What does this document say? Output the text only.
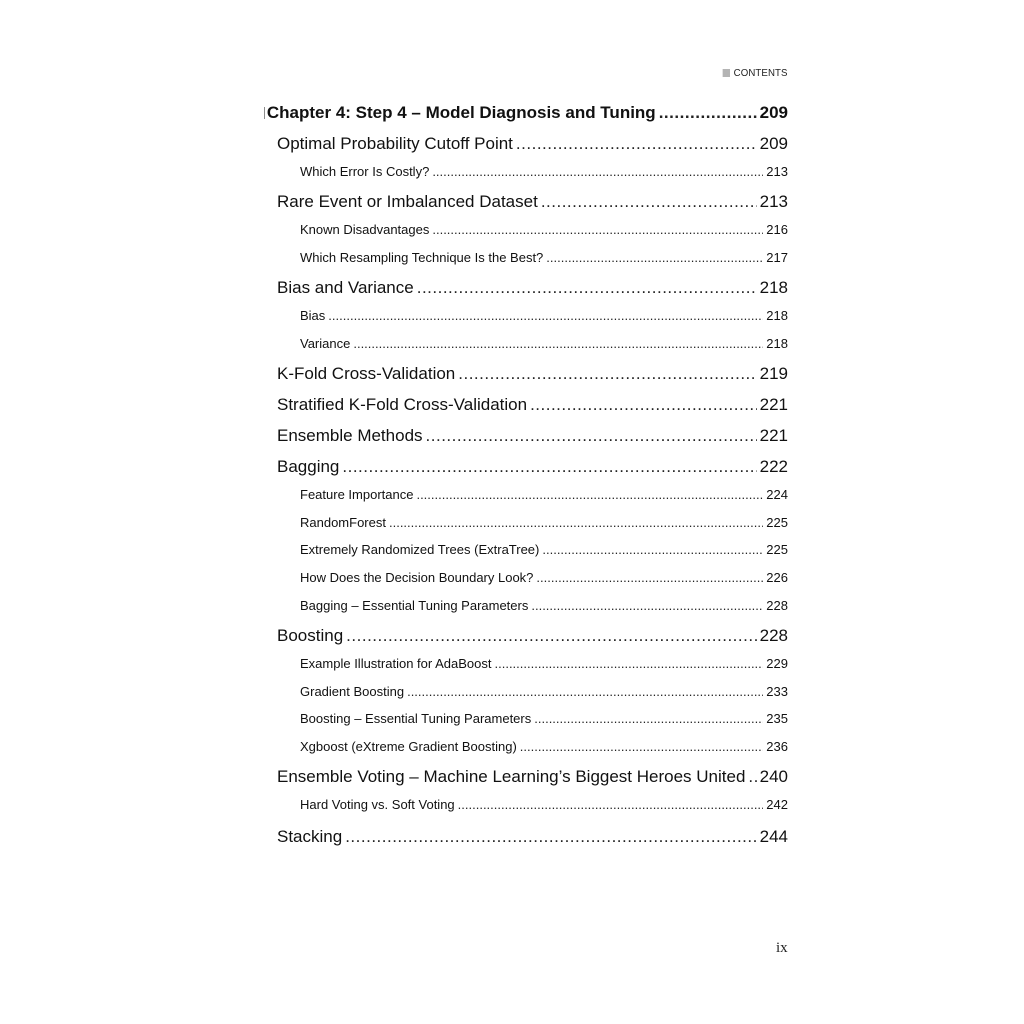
CONTENTS
Chapter 4: Step 4 – Model Diagnosis and Tuning .....	209
Optimal Probability Cutoff Point .....	209
Which Error Is Costly? .....	213
Rare Event or Imbalanced Dataset .....	213
Known Disadvantages .....	216
Which Resampling Technique Is the Best? .....	217
Bias and Variance .....	218
Bias .....	218
Variance .....	218
K-Fold Cross-Validation .....	219
Stratified K-Fold Cross-Validation .....	221
Ensemble Methods .....	221
Bagging .....	222
Feature Importance .....	224
RandomForest .....	225
Extremely Randomized Trees (ExtraTree) .....	225
How Does the Decision Boundary Look? .....	226
Bagging – Essential Tuning Parameters .....	228
Boosting .....	228
Example Illustration for AdaBoost .....	229
Gradient Boosting .....	233
Boosting – Essential Tuning Parameters .....	235
Xgboost (eXtreme Gradient Boosting) .....	236
Ensemble Voting – Machine Learning’s Biggest Heroes United ..... 240
Hard Voting vs. Soft Voting .....	242
Stacking .....	244
ix
